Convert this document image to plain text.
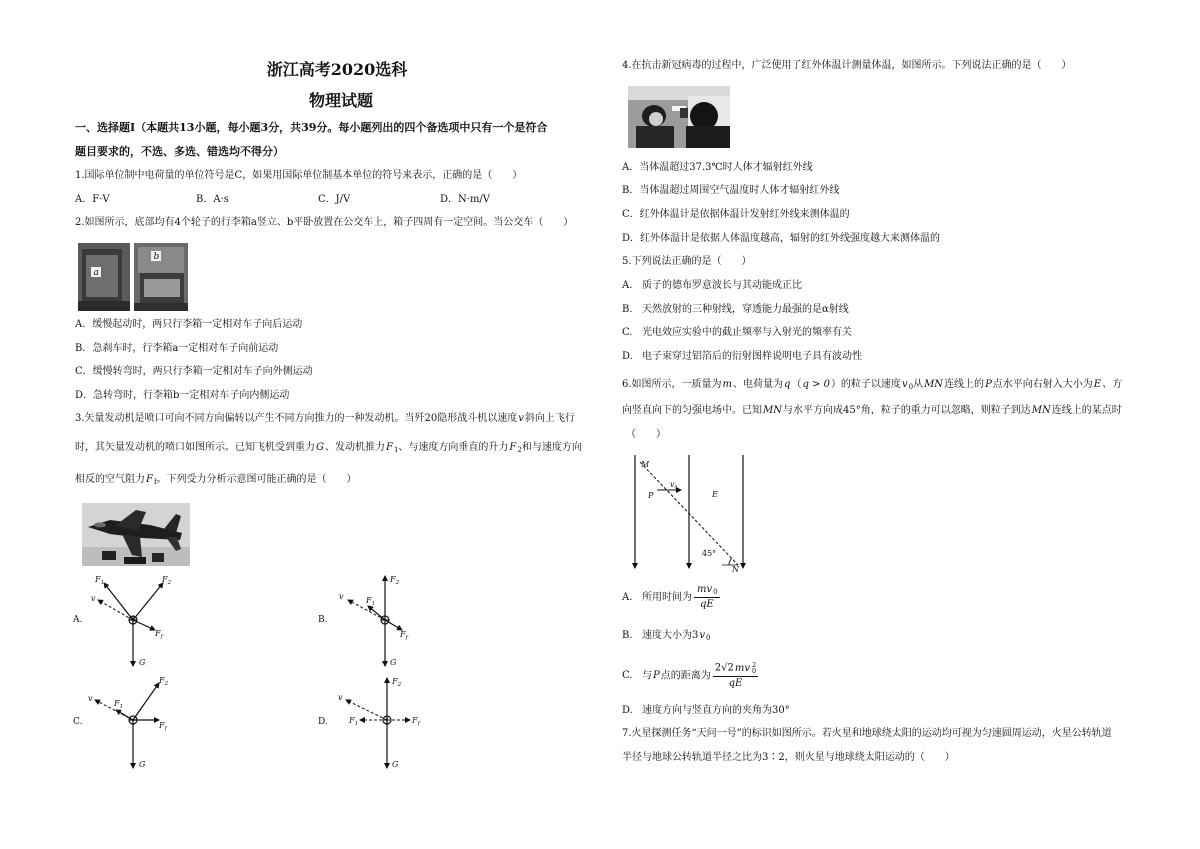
浙江高考2020选科
物理试题
一、选择题Ⅰ（本题共13小题，每小题3分，共39分。每小题列出的四个备选项中只有一个是符合
题目要求的，不选、多选、错选均不得分）
1.国际单位制中电荷量的单位符号是C，如果用国际单位制基本单位的符号来表示，正确的是（　　）
A．F·V	B．A·s	C．J/V	D．N·m/V
2.如图所示，底部均有4个轮子的行李箱a竖立、b平卧放置在公交车上，箱子四周有一定空间。当公交车（　　）
a
b
A．缓慢起动时，两只行李箱一定相对车子向后运动
B．急刹车时，行李箱a一定相对车子向前运动
C．缓慢转弯时，两只行李箱一定相对车子向外侧运动
D．急转弯时，行李箱b一定相对车子向内侧运动
3.矢量发动机是喷口可向不同方向偏转以产生不同方向推力的一种发动机。当歼20隐形战斗机以速度v斜向上飞行
时，其矢量发动机的喷口如图所示。已知飞机受到重力G、发动机推力$F_1$、与速度方向垂直的升力$F_2$和与速度方向
相反的空气阻力$F_f$。下列受力分析示意图可能正确的是（　　）
A.
$F_1$	$F_2$
v
$F_f$
G
B.
$F_2$
$F_1$
v
$F_f$
G
C.
$F_2$
v
$F_1$
$F_f$
G
D.
$F_2$
v
$F_1$	$F_f$
G
4.在抗击新冠病毒的过程中，广泛使用了红外体温计测量体温，如图所示。下列说法正确的是（　　）
A．当体温超过37.3℃时人体才辐射红外线
B．当体温超过周围空气温度时人体才辐射红外线
C．红外体温计是依据体温计发射红外线来测体温的
D．红外体温计是依据人体温度越高，辐射的红外线强度越大来测体温的
5.下列说法正确的是（　　）
A. 质子的德布罗意波长与其动能成正比
B. 天然放射的三种射线，穿透能力最强的是α射线
C. 光电效应实验中的截止频率与入射光的频率有关
D. 电子束穿过铝箔后的衍射图样说明电子具有波动性
6.如图所示，一质量为m、电荷量为q（q > 0）的粒子以速度$v_0$从MN连线上的P点水平向右射入大小为E、方
向竖直向下的匀强电场中。已知MN与水平方向成45°角，粒子的重力可以忽略，则粒子到达MN连线上的某点时
（　　）
M
P
v0
E
45°
N
A. 所用时间为 $\frac{mv_0}{qE}$
B. 速度大小为$3v_0$
C. 与P点的距离为 2√2mv 2
0
qE
D. 速度方向与竖直方向的夹角为30°
7.火星探测任务“天问一号”的标识如图所示。若火星和地球绕太阳的运动均可视为匀速圆周运动，火星公转轨道
半径与地球公转轨道半径之比为3∶2，则火星与地球绕太阳运动的（　　）
